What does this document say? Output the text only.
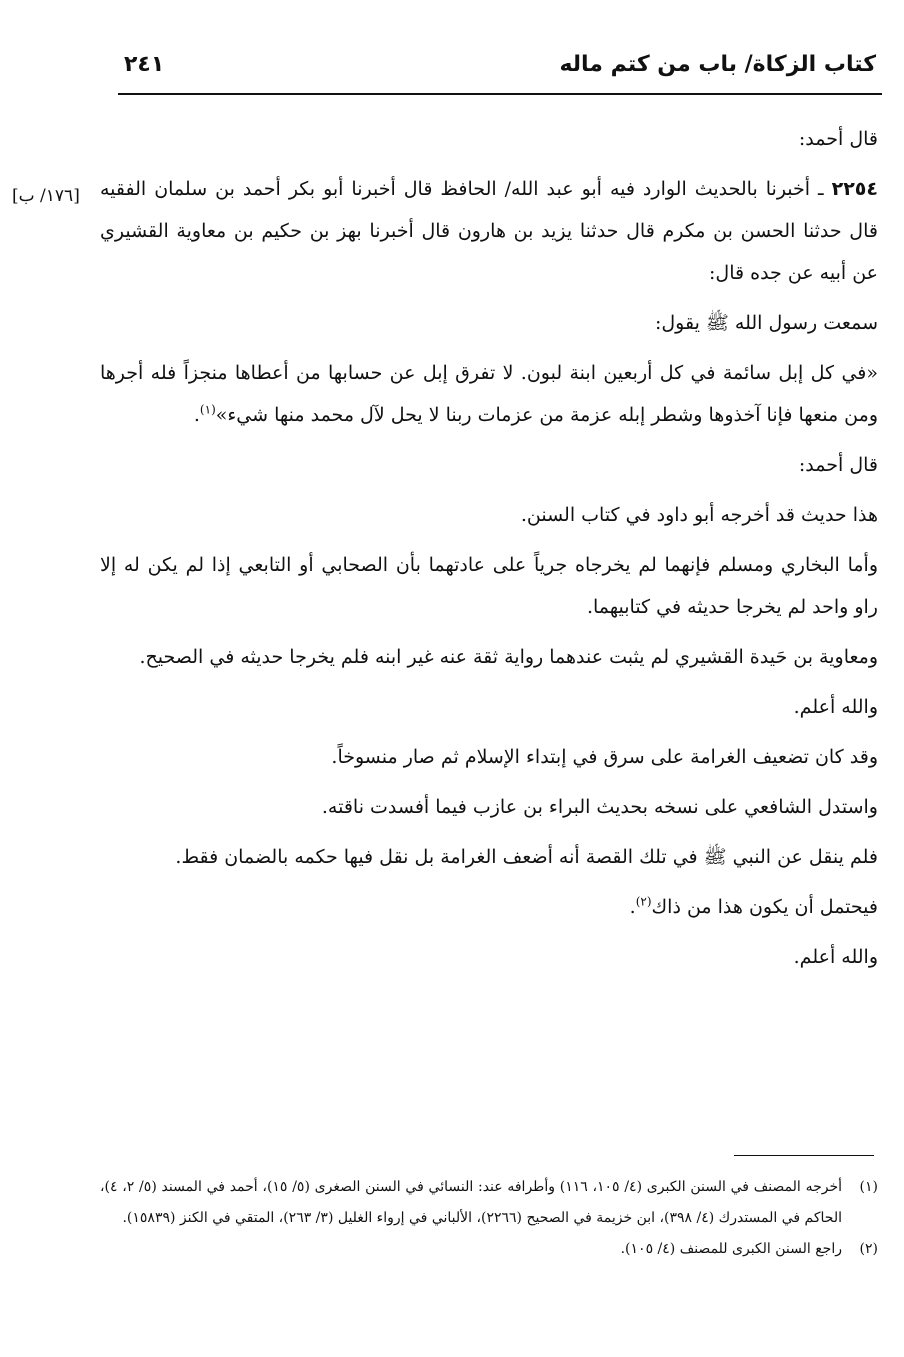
كتاب الزكاة/ باب من كتم ماله
٢٤١
[١٧٦/ ب]

قال أحمد:

٢٢٥٤ ـ أخبرنا بالحديث الوارد فيه أبو عبد الله/ الحافظ قال أخبرنا أبو بكر أحمد بن سلمان الفقيه قال حدثنا الحسن بن مكرم قال حدثنا يزيد بن هارون قال أخبرنا بهز بن حكيم بن معاوية القشيري عن أبيه عن جده قال:

سمعت رسول الله ﷺ يقول:

«في كل إبل سائمة في كل أربعين ابنة لبون. لا تفرق إبل عن حسابها من أعطاها منجزاً فله أجرها ومن منعها فإنا آخذوها وشطر إبله عزمة من عزمات ربنا لا يحل لآل محمد منها شيء»$^{(١)}$.

قال أحمد:

هذا حديث قد أخرجه أبو داود في كتاب السنن.

وأما البخاري ومسلم فإنهما لم يخرجاه جرياً على عادتهما بأن الصحابي أو التابعي إذا لم يكن له إلا راو واحد لم يخرجا حديثه في كتابيهما.

ومعاوية بن حَيدة القشيري لم يثبت عندهما رواية ثقة عنه غير ابنه فلم يخرجا حديثه في الصحيح.

والله أعلم.

وقد كان تضعيف الغرامة على سرق في إبتداء الإسلام ثم صار منسوخاً.

واستدل الشافعي على نسخه بحديث البراء بن عازب فيما أفسدت ناقته.

فلم ينقل عن النبي ﷺ في تلك القصة أنه أضعف الغرامة بل نقل فيها حكمه بالضمان فقط.

فيحتمل أن يكون هذا من ذاك$^{(٢)}$.

والله أعلم.

(١)
أخرجه المصنف في السنن الكبرى (٤/ ١٠٥، ١١٦) وأطرافه عند: النسائي في السنن الصغرى (٥/ ١٥)، أحمد في المسند (٥/ ٢، ٤)، الحاكم في المستدرك (٤/ ٣٩٨)، ابن خزيمة في الصحيح (٢٢٦٦)، الألباني في إرواء الغليل (٣/ ٢٦٣)، المتقي في الكنز (١٥٨٣٩).
(٢)
راجع السنن الكبرى للمصنف (٤/ ١٠٥).
